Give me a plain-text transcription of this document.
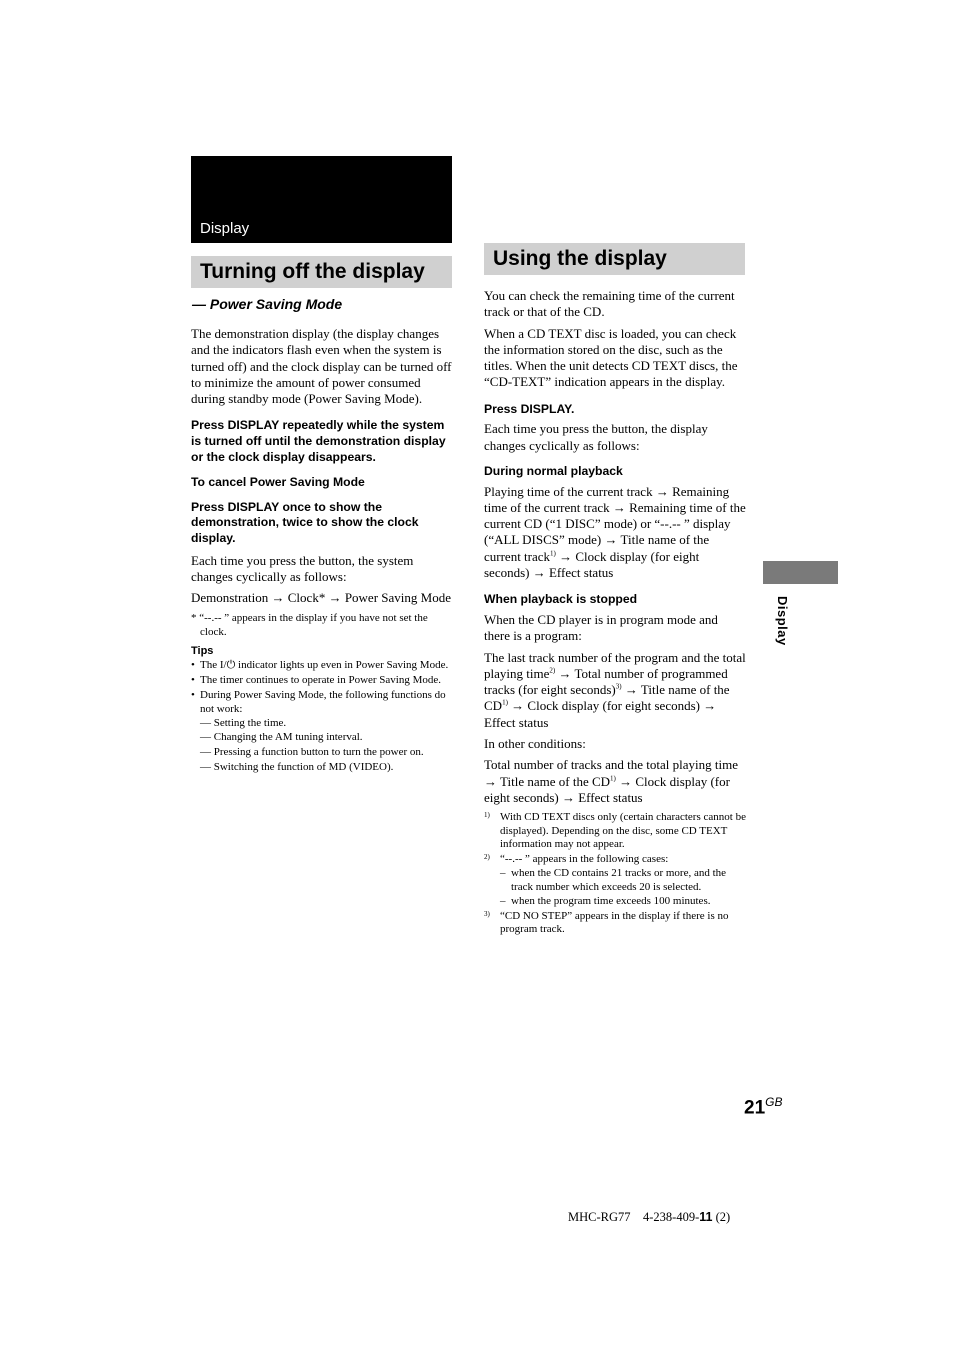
Display
Turning off the display
Using the display

— Power Saving Mode

The demonstration display (the display changes and the indicators flash even when the system is turned off) and the clock display can be turned off to minimize the amount of power consumed during standby mode (Power Saving Mode).

Press DISPLAY repeatedly while the system is turned off until the demonstration display or the clock display disappears.

To cancel Power Saving Mode

Press DISPLAY once to show the demonstration, twice to show the clock display.

Each time you press the button, the system changes cyclically as follows:

Demonstration → Clock* → Power Saving Mode

* “--.-- ” appears in the display if you have not set the clock.

Tips

• The I/⏻ indicator lights up even in Power Saving Mode.
• The timer continues to operate in Power Saving Mode.
• During Power Saving Mode, the following functions do not work:
— Setting the time.
— Changing the AM tuning interval.
— Pressing a function button to turn the power on.
— Switching the function of MD (VIDEO).

You can check the remaining time of the current track or that of the CD.

When a CD TEXT disc is loaded, you can check the information stored on the disc, such as the titles. When the unit detects CD TEXT discs, the “CD-TEXT” indication appears in the display.

Press DISPLAY.

Each time you press the button, the display changes cyclically as follows:

During normal playback

Playing time of the current track → Remaining time of the current track → Remaining time of the current CD (“1 DISC” mode) or “--.-- ” display (“ALL DISCS” mode) → Title name of the current track$^{1)}$ → Clock display (for eight seconds) → Effect status

When playback is stopped

When the CD player is in program mode and there is a program:

The last track number of the program and the total playing time$^{2)}$ → Total number of programmed tracks (for eight seconds)$^{3)}$ → Title name of the $CD^{1)}$ → Clock display (for eight seconds) → Effect status

In other conditions:

Total number of tracks and the total playing time → Title name of the $CD^{1)}$ → Clock display (for eight seconds) → Effect status

1) With CD TEXT discs only (certain characters cannot be displayed). Depending on the disc, some CD TEXT information may not appear.
2) “--.-- ” appears in the following cases:
– when the CD contains 21 tracks or more, and the track number which exceeds 20 is selected.
– when the program time exceeds 100 minutes.
3) “CD NO STEP” appears in the display if there is no program track.
Display
$21^{GB}$
MHC-RG77 4-238-409-11 (2)
